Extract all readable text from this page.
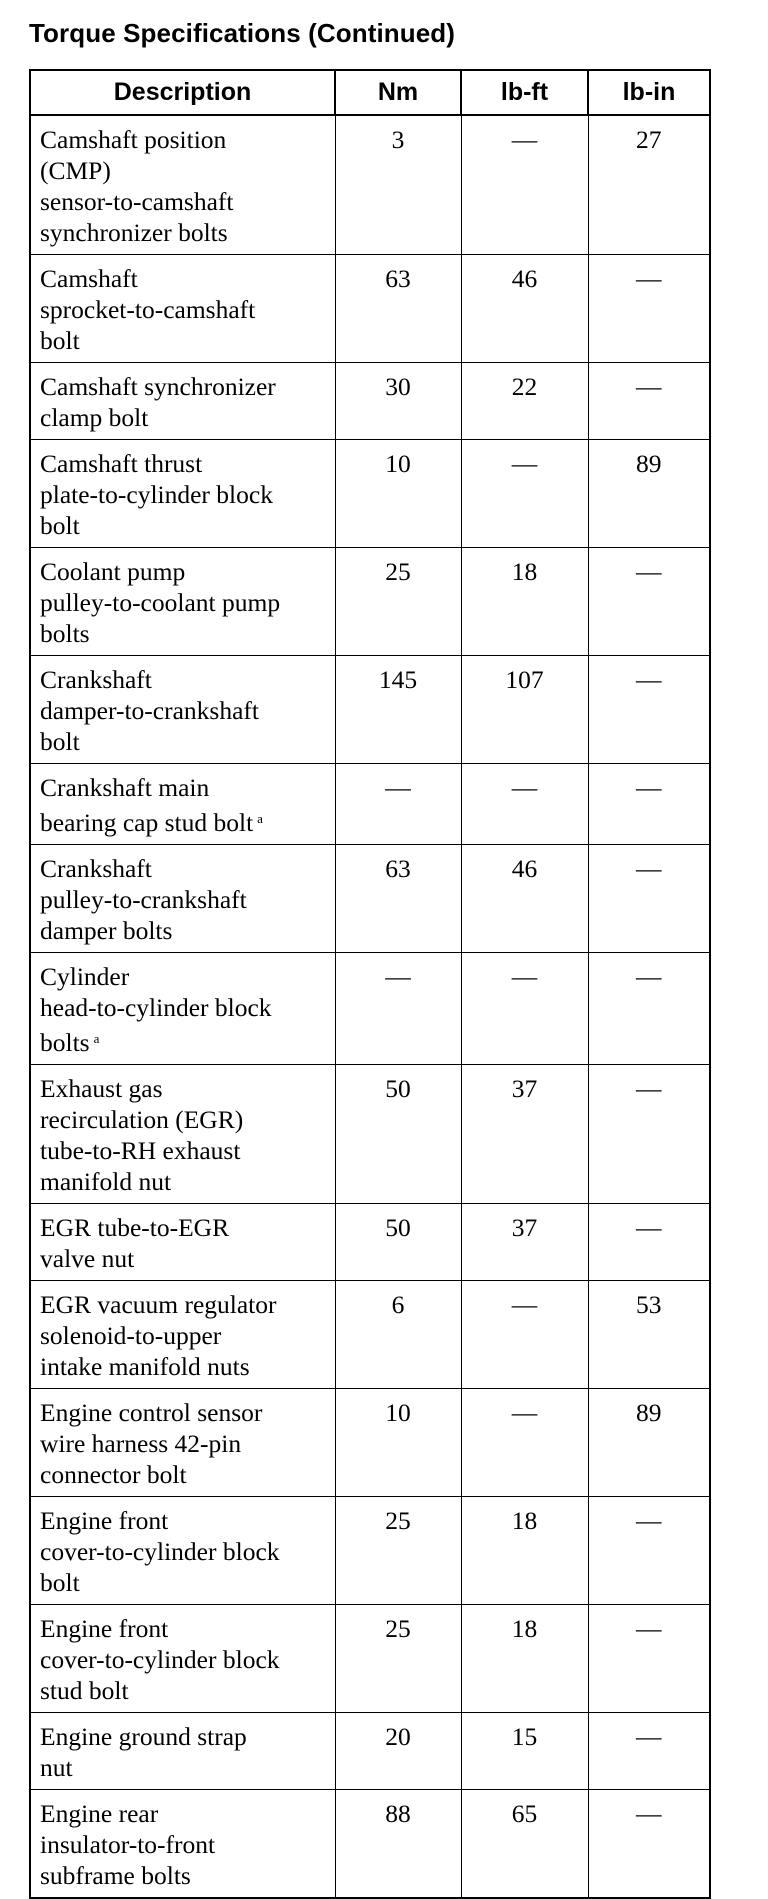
Torque Specifications (Continued)
Description	Nm	lb-ft	lb-in

Camshaft position
(CMP)
sensor-to-camshaft
synchronizer bolts	3	—	27

Camshaft
sprocket-to-camshaft
bolt	63	46	—

Camshaft synchronizer
clamp bolt	30	22	—

Camshaft thrust
plate-to-cylinder block
bolt	10	—	89

Coolant pump
pulley-to-coolant pump
bolts	25	18	—

Crankshaft
damper-to-crankshaft
bolt	145	107	—

Crankshaft main
bearing cap stud bolt $^a$	—	—	—

Crankshaft
pulley-to-crankshaft
damper bolts	63	46	—

Cylinder
head-to-cylinder block
bolts $^a$	—	—	—

Exhaust gas
recirculation (EGR)
tube-to-RH exhaust
manifold nut	50	37	—

EGR tube-to-EGR
valve nut	50	37	—

EGR vacuum regulator
solenoid-to-upper
intake manifold nuts	6	—	53

Engine control sensor
wire harness 42-pin
connector bolt	10	—	89

Engine front
cover-to-cylinder block
bolt	25	18	—

Engine front
cover-to-cylinder block
stud bolt	25	18	—

Engine ground strap
nut	20	15	—

Engine rear
insulator-to-front
subframe bolts	88	65	—
